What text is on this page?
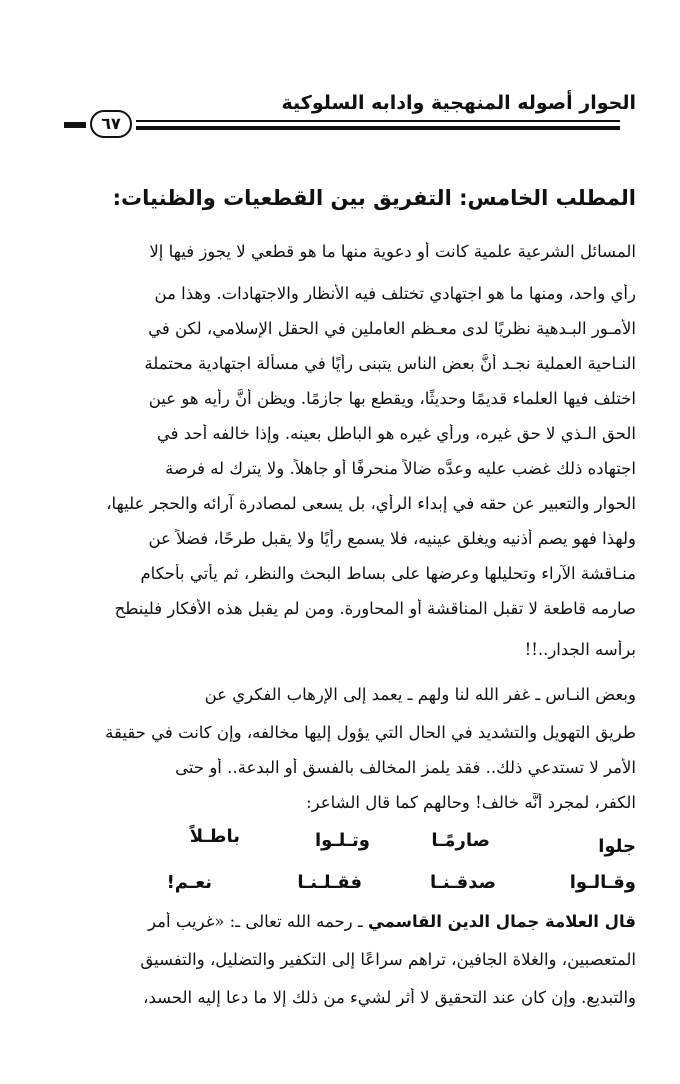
الحوار أصوله المنهجية وادابه السلوكية
٦٧
المطلب الخامس: التفريق بين القطعيات والظنيات:
المسائل الشرعية علمية كانت أو دعوية منها ما هو قطعي لا يجوز فيها إلا
رأي واحد، ومنها ما هو اجتهادي تختلف فيه الأنظار والاجتهادات. وهذا من
الأمـور البـدهية نظريًا لدى معـظم العاملين في الحقل الإسلامي، لكن في
النـاحية العملية نجـد أنَّ بعض الناس يتبنى رأيًا في مسألة اجتهادية محتملة
اختلف فيها العلماء قديمًا وحديثًا، ويقطع بها جازمًا. ويظن أنَّ رأيه هو عين
الحق الـذي لا حق غيره، ورأي غيره هو الباطل بعينه. وإذا خالفه أحد في
اجتهاده ذلك غضب عليه وعدَّه ضالاً منحرفًا أو جاهلاً. ولا يترك له فرصة
الحوار والتعبير عن حقه في إبداء الرأي، بل يسعى لمصادرة آرائه والحجر عليها،
ولهذا فهو يصم أذنيه ويغلق عينيه، فلا يسمع رأيًا ولا يقبل طرحًا، فضلاً عن
منـاقشة الآراء وتحليلها وعرضها على بساط البحث والنظر، ثم يأتي بأحكام
صارمه قاطعة لا تقبل المناقشة أو المحاورة. ومن لم يقبل هذه الأفكار فلينطح
برأسه الجدار..!!
وبعض النـاس ـ غفر الله لنا ولهم ـ يعمد إلى الإرهاب الفكري عن
طريق التهويل والتشديد في الحال التي يؤول إليها مخالفه، وإن كانت في حقيقة
الأمر لا تستدعي ذلك.. فقد يلمز المخالف بالفسق أو البدعة.. أو حتى
الكفر، لمجرد أنَّه خالف! وحالهم كما قال الشاعر:
جلوا
صارمًـا
وتـلـوا
باطـلاً
وقـالـوا
صدقـنـا
فقـلـنـا
نعـم!
قال العلامة جمال الدين القاسمي ـ رحمه الله تعالى ـ: «غريب أمر
المتعصبين، والغلاة الجافين، تراهم سراعًا إلى التكفير والتضليل، والتفسيق
والتبديع. وإن كان عند التحقيق لا أثر لشيء من ذلك إلا ما دعا إليه الحسد،
